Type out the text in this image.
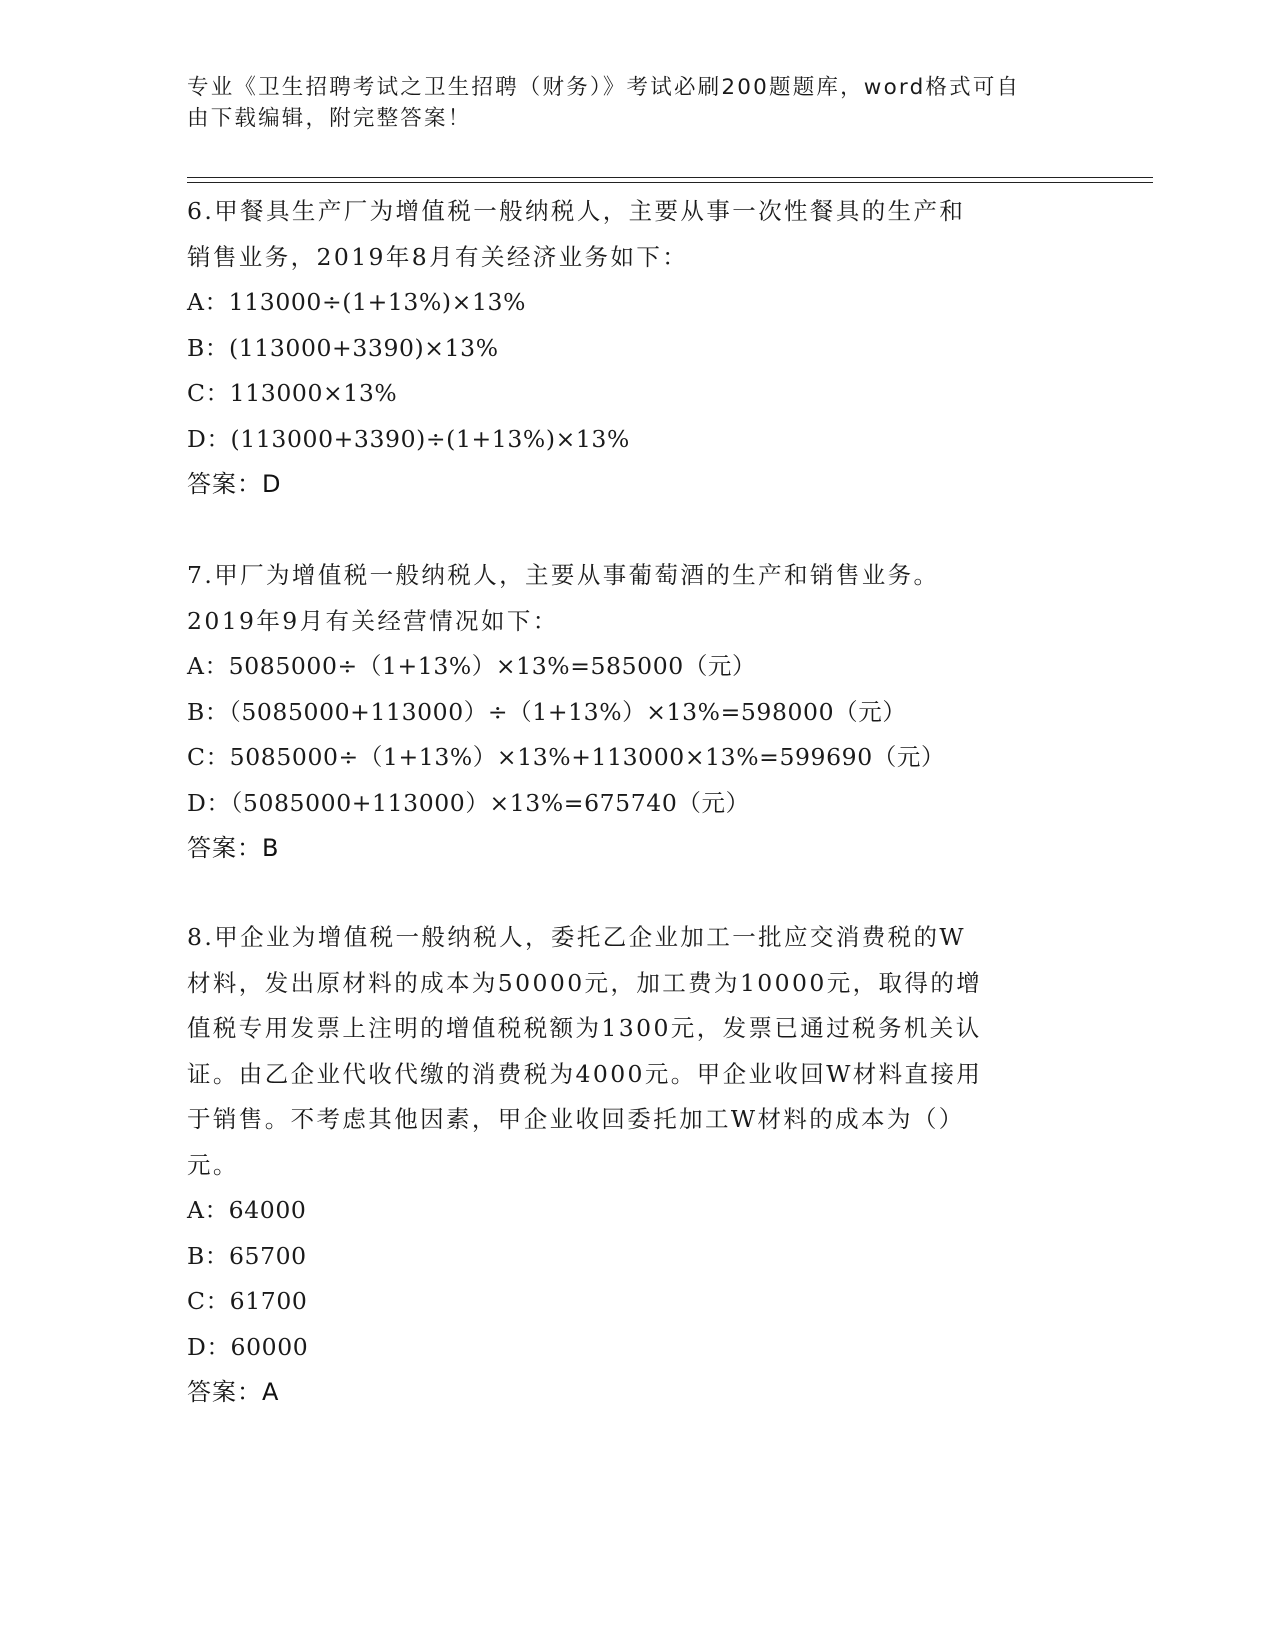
专业《卫生招聘考试之卫生招聘（财务）》考试必刷200题题库，word格式可自
由下载编辑，附完整答案！
6.甲餐具生产厂为增值税一般纳税人，主要从事一次性餐具的生产和
销售业务，2019年8月有关经济业务如下：
A：113000÷(1+13%)×13%
B：(113000+3390)×13%
C：113000×13%
D：(113000+3390)÷(1+13%)×13%
答案：D
7.甲厂为增值税一般纳税人，主要从事葡萄酒的生产和销售业务。
2019年9月有关经营情况如下：
A：5085000÷（1+13%）×13%=585000（元）
B：（5085000+113000）÷（1+13%）×13%=598000（元）
C：5085000÷（1+13%）×13%+113000×13%=599690（元）
D：（5085000+113000）×13%=675740（元）
答案：B
8.甲企业为增值税一般纳税人，委托乙企业加工一批应交消费税的W
材料，发出原材料的成本为50000元，加工费为10000元，取得的增
值税专用发票上注明的增值税税额为1300元，发票已通过税务机关认
证。由乙企业代收代缴的消费税为4000元。甲企业收回W材料直接用
于销售。不考虑其他因素，甲企业收回委托加工W材料的成本为（）
元。
A：64000
B：65700
C：61700
D：60000
答案：A
